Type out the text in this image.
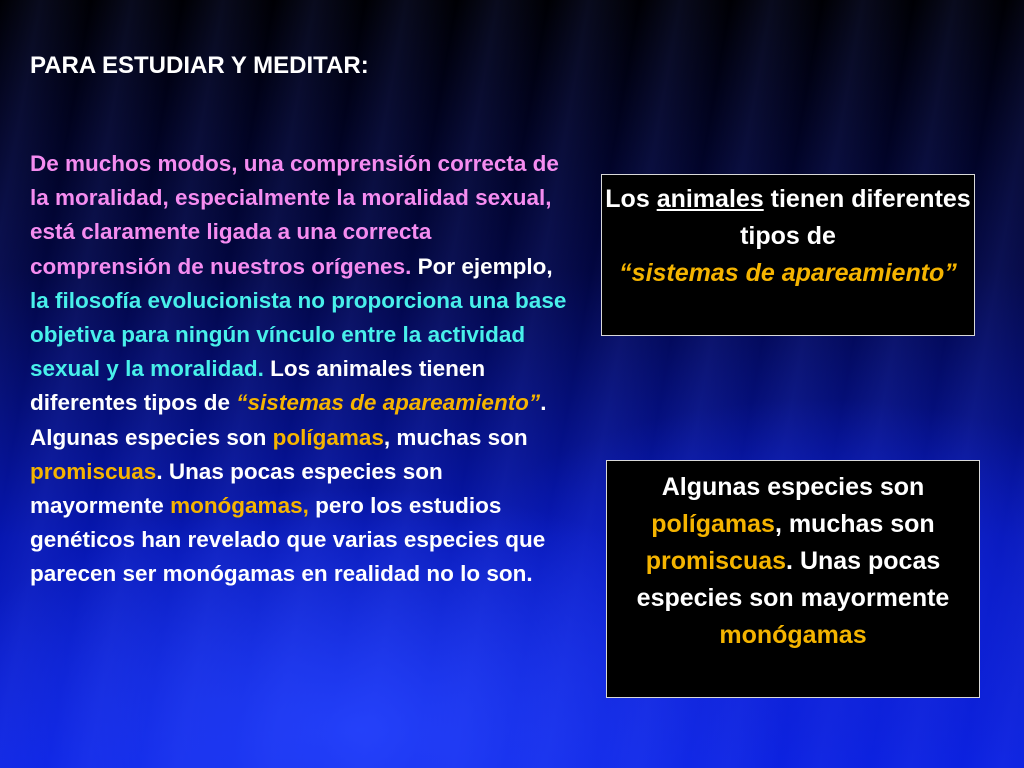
PARA ESTUDIAR Y MEDITAR:
De muchos modos, una comprensión correcta de la moralidad, especialmente la moralidad sexual, está claramente ligada a una correcta comprensión de nuestros orígenes. Por ejemplo, la filosofía evolucionista no proporciona una base objetiva para ningún vínculo entre la actividad sexual y la moralidad. Los animales tienen diferentes tipos de “sistemas de apareamiento”. Algunas especies son polígamas, muchas son promiscuas. Unas pocas especies son mayormente monógamas, pero los estudios genéticos han revelado que varias especies que parecen ser monógamas en realidad no lo son.
Los animales tienen diferentes tipos de
“sistemas de apareamiento”
Algunas especies son polígamas, muchas son promiscuas. Unas pocas especies son mayormente monógamas
